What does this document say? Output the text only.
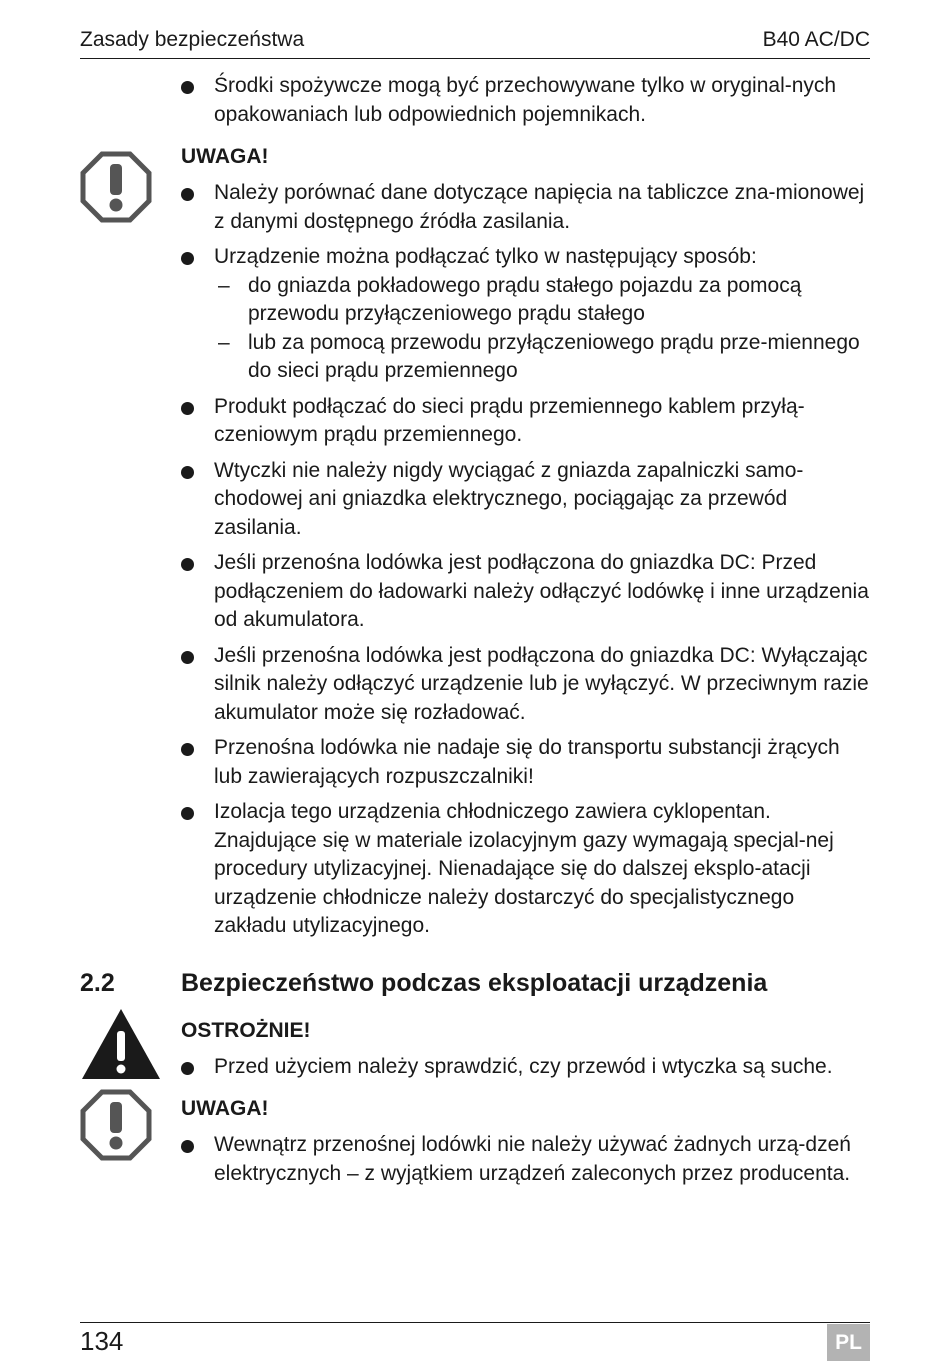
Zasady bezpieczeństwa	B40 AC/DC
Środki spożywcze mogą być przechowywane tylko w oryginal-nych opakowaniach lub odpowiednich pojemnikach.
UWAGA!
Należy porównać dane dotyczące napięcia na tabliczce zna-mionowej z danymi dostępnego źródła zasilania.
Urządzenie można podłączać tylko w następujący sposób:
– do gniazda pokładowego prądu stałego pojazdu za pomocą przewodu przyłączeniowego prądu stałego
– lub za pomocą przewodu przyłączeniowego prądu prze-miennego do sieci prądu przemiennego
Produkt podłączać do sieci prądu przemiennego kablem przyłą-czeniowym prądu przemiennego.
Wtyczki nie należy nigdy wyciągać z gniazda zapalniczki samo-chodowej ani gniazdka elektrycznego, pociągając za przewód zasilania.
Jeśli przenośna lodówka jest podłączona do gniazdka DC: Przed podłączeniem do ładowarki należy odłączyć lodówkę i inne urządzenia od akumulatora.
Jeśli przenośna lodówka jest podłączona do gniazdka DC: Wyłączając silnik należy odłączyć urządzenie lub je wyłączyć. W przeciwnym razie akumulator może się rozładować.
Przenośna lodówka nie nadaje się do transportu substancji żrących lub zawierających rozpuszczalniki!
Izolacja tego urządzenia chłodniczego zawiera cyklopentan. Znajdujące się w materiale izolacyjnym gazy wymagają specjal-nej procedury utylizacyjnej. Nienadające się do dalszej eksplo-atacji urządzenie chłodnicze należy dostarczyć do specjalistycznego zakładu utylizacyjnego.
2.2	Bezpieczeństwo podczas eksploatacji urządzenia
OSTROŻNIE!
Przed użyciem należy sprawdzić, czy przewód i wtyczka są suche.
UWAGA!
Wewnątrz przenośnej lodówki nie należy używać żadnych urzą-dzeń elektrycznych – z wyjątkiem urządzeń zaleconych przez producenta.
134	PL
